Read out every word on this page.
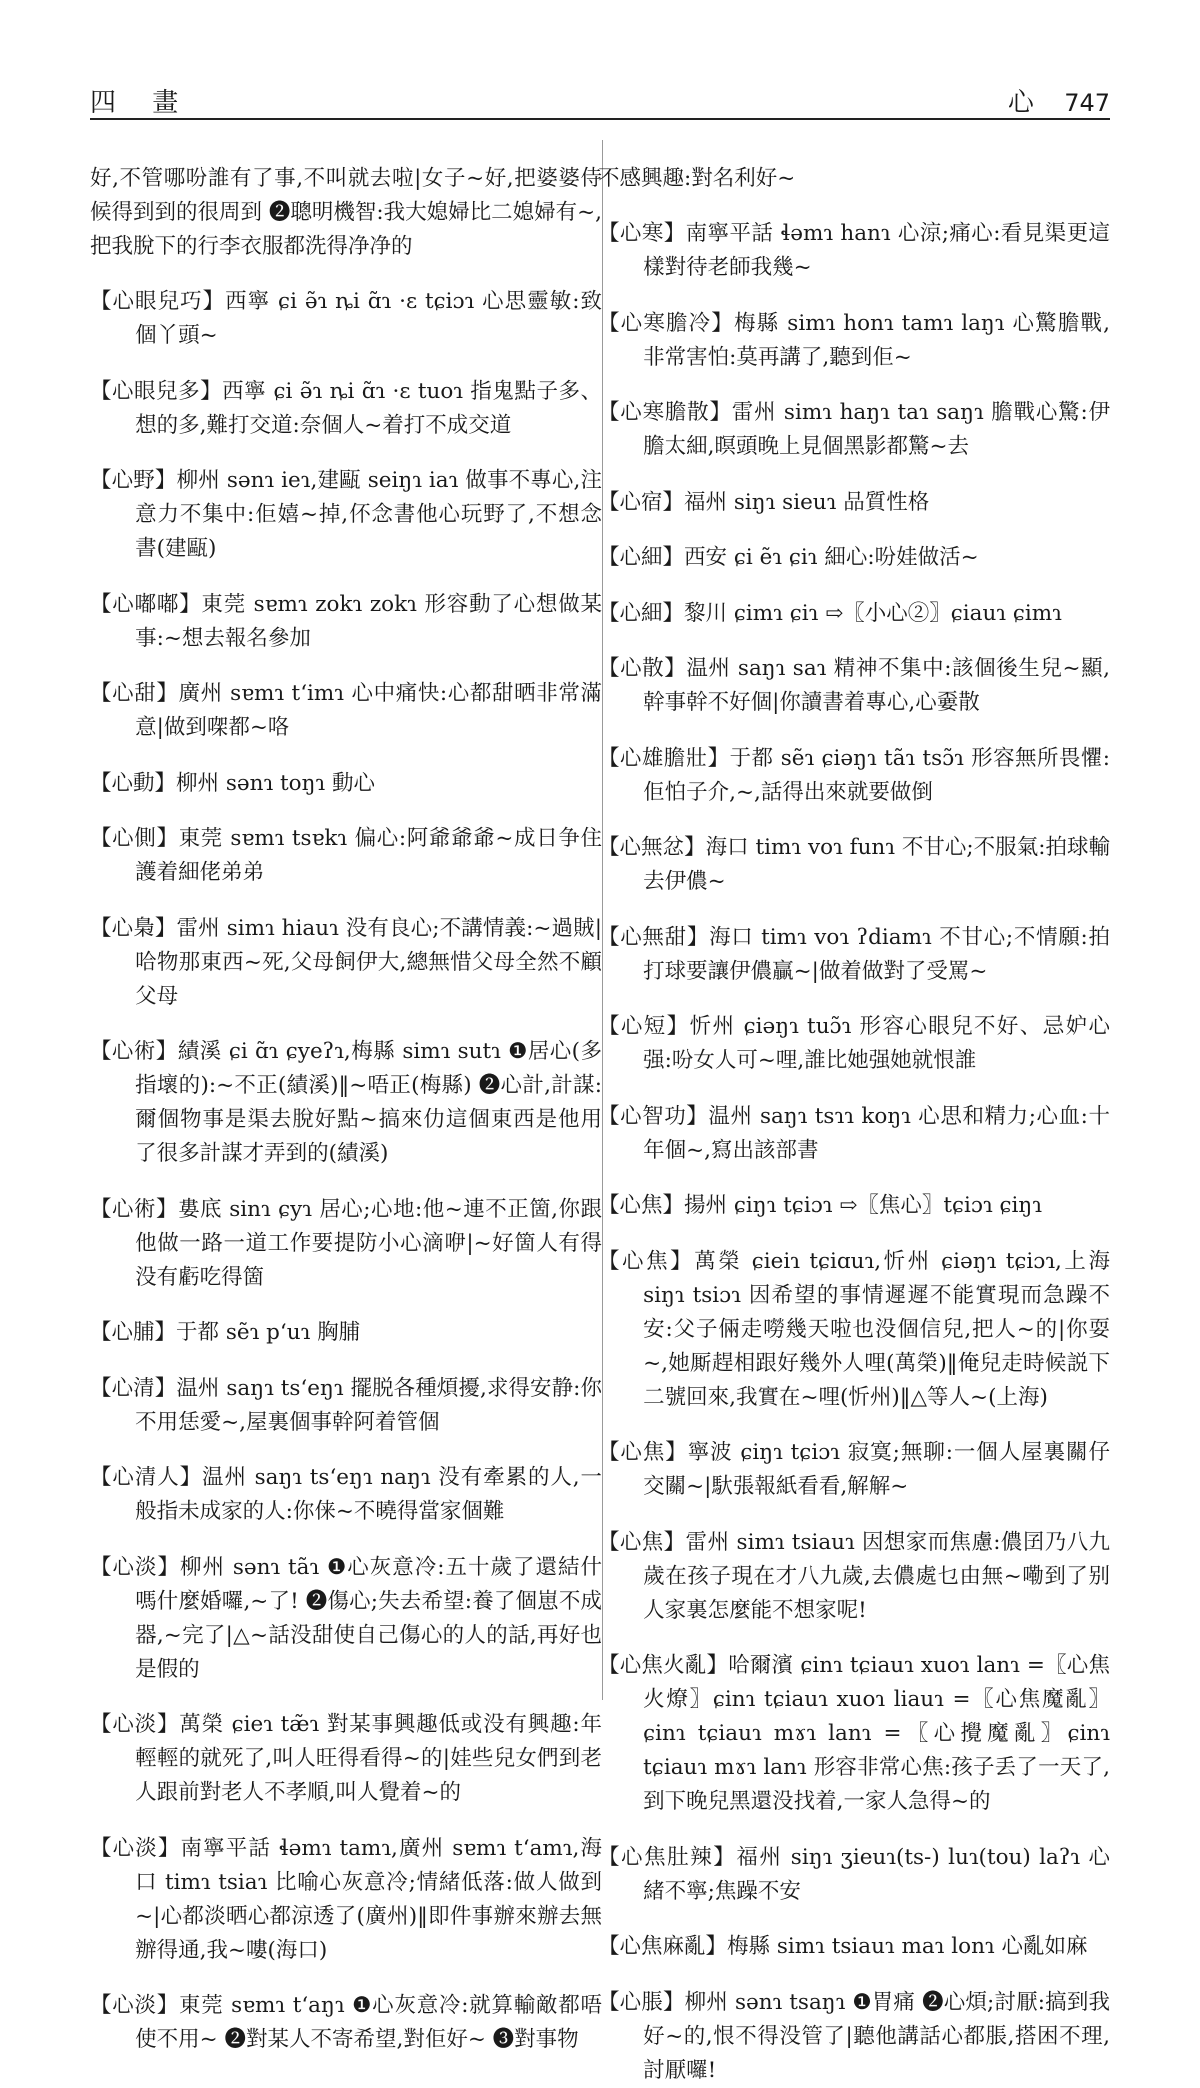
四 畫	心 747

好,不管哪吩誰有了事,不叫就去啦|女子~好,把婆婆侍候得到到的很周到 ❷聰明機智:我大媳婦比二媳婦有~,把我脫下的行李衣服都洗得净净的

【心眼兒巧】西寧 ɕi ə̃ɿ ȵi ɑ̃ɿ ·ɛ tɕiɔɿ 心思靈敏:致個丫頭~

【心眼兒多】西寧 ɕi ə̃ɿ ȵi ɑ̃ɿ ·ɛ tuoɿ 指鬼點子多、想的多,難打交道:奈個人~着打不成交道

【心野】柳州 sənɿ ieɿ,建甌 seiŋɿ iaɿ 做事不專心,注意力不集中:佢嬉~掉,伓念書他心玩野了,不想念書(建甌)

【心嘟嘟】東莞 sɐmɿ zokɿ zokɿ 形容動了心想做某事:~想去報名參加

【心甜】廣州 sɐmɿ tʻimɿ 心中痛快:心都甜晒非常滿意|做到㗎都~咯

【心動】柳州 sənɿ toŋɿ 動心

【心側】東莞 sɐmɿ tsɐkɿ 偏心:阿爺爺爺~成日争住護着細佬弟弟

【心梟】雷州 simɿ hiauɿ 没有良心;不講情義:~過賊|哈物那東西~死,父母飼伊大,總無惜父母全然不顧父母

【心術】績溪 ɕi ɑ̃ɿ ɕyeʔɿ,梅縣 simɿ sutɿ ❶居心(多指壞的):~不正(績溪)‖~唔正(梅縣) ❷心計,計謀:爾個物事是渠去脫好點~搞來仂這個東西是他用了很多計謀才弄到的(績溪)

【心術】婁底 sinɿ ɕyɿ 居心;心地:他~連不正箇,你跟他做一路一道工作要提防小心滴咿|~好箇人有得没有虧吃得箇

【心脯】于都 sẽɿ pʻuɿ 胸脯

【心清】温州 saŋɿ tsʻeŋɿ 擺脱各種煩擾,求得安静:你不用恁愛~,屋裏個事幹阿着管個

【心清人】温州 saŋɿ tsʻeŋɿ naŋɿ 没有牽累的人,一般指未成家的人:你俫~不曉得當家個難

【心淡】柳州 sənɿ tãɿ ❶心灰意冷:五十歲了還結什嗎什麼婚囉,~了! ❷傷心;失去希望:養了個崽不成器,~完了|△~話没甜使自己傷心的人的話,再好也是假的

【心淡】萬榮 ɕieɿ tæ̃ɿ 對某事興趣低或没有興趣:年輕輕的就死了,叫人旺得看得~的|娃些兒女們到老人跟前對老人不孝順,叫人覺着~的

【心淡】南寧平話 ɬəmɿ tamɿ,廣州 sɐmɿ tʻamɿ,海口 timɿ tsiaɿ 比喻心灰意冷;情緒低落:做人做到~|心都淡晒心都涼透了(廣州)‖即件事辦來辦去無辦得通,我~嘍(海口)

【心淡】東莞 sɐmɿ tʻaŋɿ ❶心灰意冷:就算輸敵都唔使不用~ ❷對某人不寄希望,對佢好~ ❸對事物

不感興趣:對名利好~

【心寒】南寧平話 ɬəmɿ hanɿ 心涼;痛心:看見渠更這樣對待老師我幾~

【心寒膽冷】梅縣 simɿ honɿ tamɿ laŋɿ 心驚膽戰,非常害怕:莫再講了,聽到佢~

【心寒膽散】雷州 simɿ haŋɿ taɿ saŋɿ 膽戰心驚:伊膽太細,暝頭晚上見個黑影都驚~去

【心宿】福州 siŋɿ sieuɿ 品質性格

【心細】西安 ɕi ẽɿ ɕiɿ 細心:吩娃做活~

【心細】黎川 ɕimɿ ɕiɿ ⇨〖小心②〗ɕiauɿ ɕimɿ

【心散】温州 saŋɿ saɿ 精神不集中:該個後生兒~顯,幹事幹不好個|你讀書着專心,心嫑散

【心雄膽壯】于都 sẽɿ ɕiəŋɿ tãɿ tsɔ̃ɿ 形容無所畏懼:佢怕子介,~,話得出來就要做倒

【心無忿】海口 timɿ voɿ funɿ 不甘心;不服氣:拍球輸去伊儂~

【心無甜】海口 timɿ voɿ ʔdiamɿ 不甘心;不情願:拍打球要讓伊儂贏~|做着做對了受罵~

【心短】忻州 ɕiəŋɿ tuɔ̃ɿ 形容心眼兒不好、忌妒心强:吩女人可~哩,誰比她强她就恨誰

【心智功】温州 saŋɿ tsɿɿ koŋɿ 心思和精力;心血:十年個~,寫出該部書

【心焦】揚州 ɕiŋɿ tɕiɔɿ ⇨〖焦心〗tɕiɔɿ ɕiŋɿ

【心焦】萬榮 ɕieiɿ tɕiɑuɿ,忻州 ɕiəŋɿ tɕiɔɿ,上海 siŋɿ tsiɔɿ 因希望的事情遲遲不能實現而急躁不安:父子倆走嘮幾天啦也没個信兒,把人~的|你耍~,她厮趕相跟好幾外人哩(萬榮)‖俺兒走時候説下二號回來,我實在~哩(忻州)‖△等人~(上海)

【心焦】寧波 ɕiŋɿ tɕiɔɿ 寂寞;無聊:一個人屋裏關仔交關~|馱張報紙看看,解解~

【心焦】雷州 simɿ tsiauɿ 因想家而焦慮:儂囝乃八九歲在孩子現在才八九歲,去儂處乜由無~嘞到了别人家裏怎麼能不想家呢!

【心焦火亂】哈爾濱 ɕinɿ tɕiauɿ xuoɿ lanɿ =〖心焦火燎〗ɕinɿ tɕiauɿ xuoɿ liauɿ =〖心焦魔亂〗ɕinɿ tɕiauɿ mɤɿ lanɿ =〖心攪魔亂〗ɕinɿ tɕiauɿ mɤɿ lanɿ 形容非常心焦:孩子丢了一天了,到下晚兒黑還没找着,一家人急得~的

【心焦肚辣】福州 siŋɿ ʒieuɿ(ts-) luɿ(tou) laʔɿ 心緒不寧;焦躁不安

【心焦麻亂】梅縣 simɿ tsiauɿ maɿ lonɿ 心亂如麻

【心脹】柳州 sənɿ tsaŋɿ ❶胃痛 ❷心煩;討厭:搞到我好~的,恨不得没管了|聽他講話心都脹,搭困不理,討厭囉!
